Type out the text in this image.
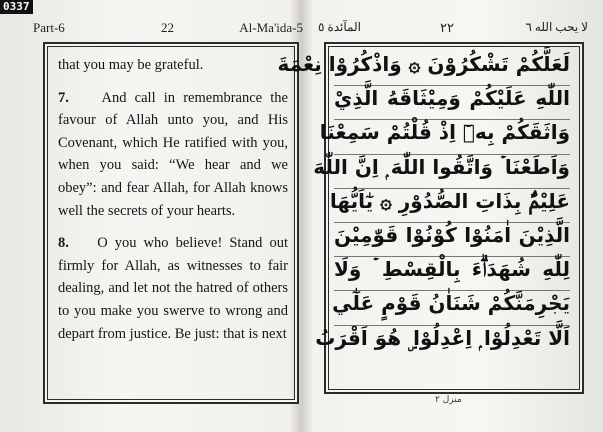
0337
Part-6	22	Al-Ma'ida-5 المآئدة ٥	٢٢	لا يحب الله ٦

that you may be grateful.

7. And call in remembrance the favour of Allah unto you, and His Covenant, which He ratified with you, when you said: “We hear and we obey”: and fear Allah, for Allah knows well the secrets of your hearts.

8. O you who believe! Stand out firmly for Allah, as witnesses to fair dealing, and let not the hatred of others to you make you swerve to wrong and depart from justice. Be just: that is next

لَعَلَّكُمْ تَشْكُرُوْنَ ۞ وَاذْكُرُوْا نِعْمَةَ
اللّٰهِ عَلَيْكُمْ وَمِيْثَاقَهُ الَّذِيْ
وَاثَقَكُمْ بِهٖٓ اِذْ قُلْتُمْ سَمِعْنَا
وَاَطَعْنَا ۡ وَاتَّقُوا اللّٰهَ ۭ اِنَّ اللّٰهَ
عَلِيْمٌۢ بِذَاتِ الصُّدُوْرِ ۞ يٰٓاَيُّهَا
الَّذِيْنَ اٰمَنُوْا كُوْنُوْا قَوّٰمِيْنَ
لِلّٰهِ شُهَدَاۗءَ بِالْقِسْطِ ۡ وَلَا
يَجْرِمَنَّكُمْ شَنَاٰنُ قَوْمٍ عَلٰٓي
اَلَّا تَعْدِلُوْا ۭ اِعْدِلُوْا ۣ هُوَ اَقْرَبُ
منزل ٢
